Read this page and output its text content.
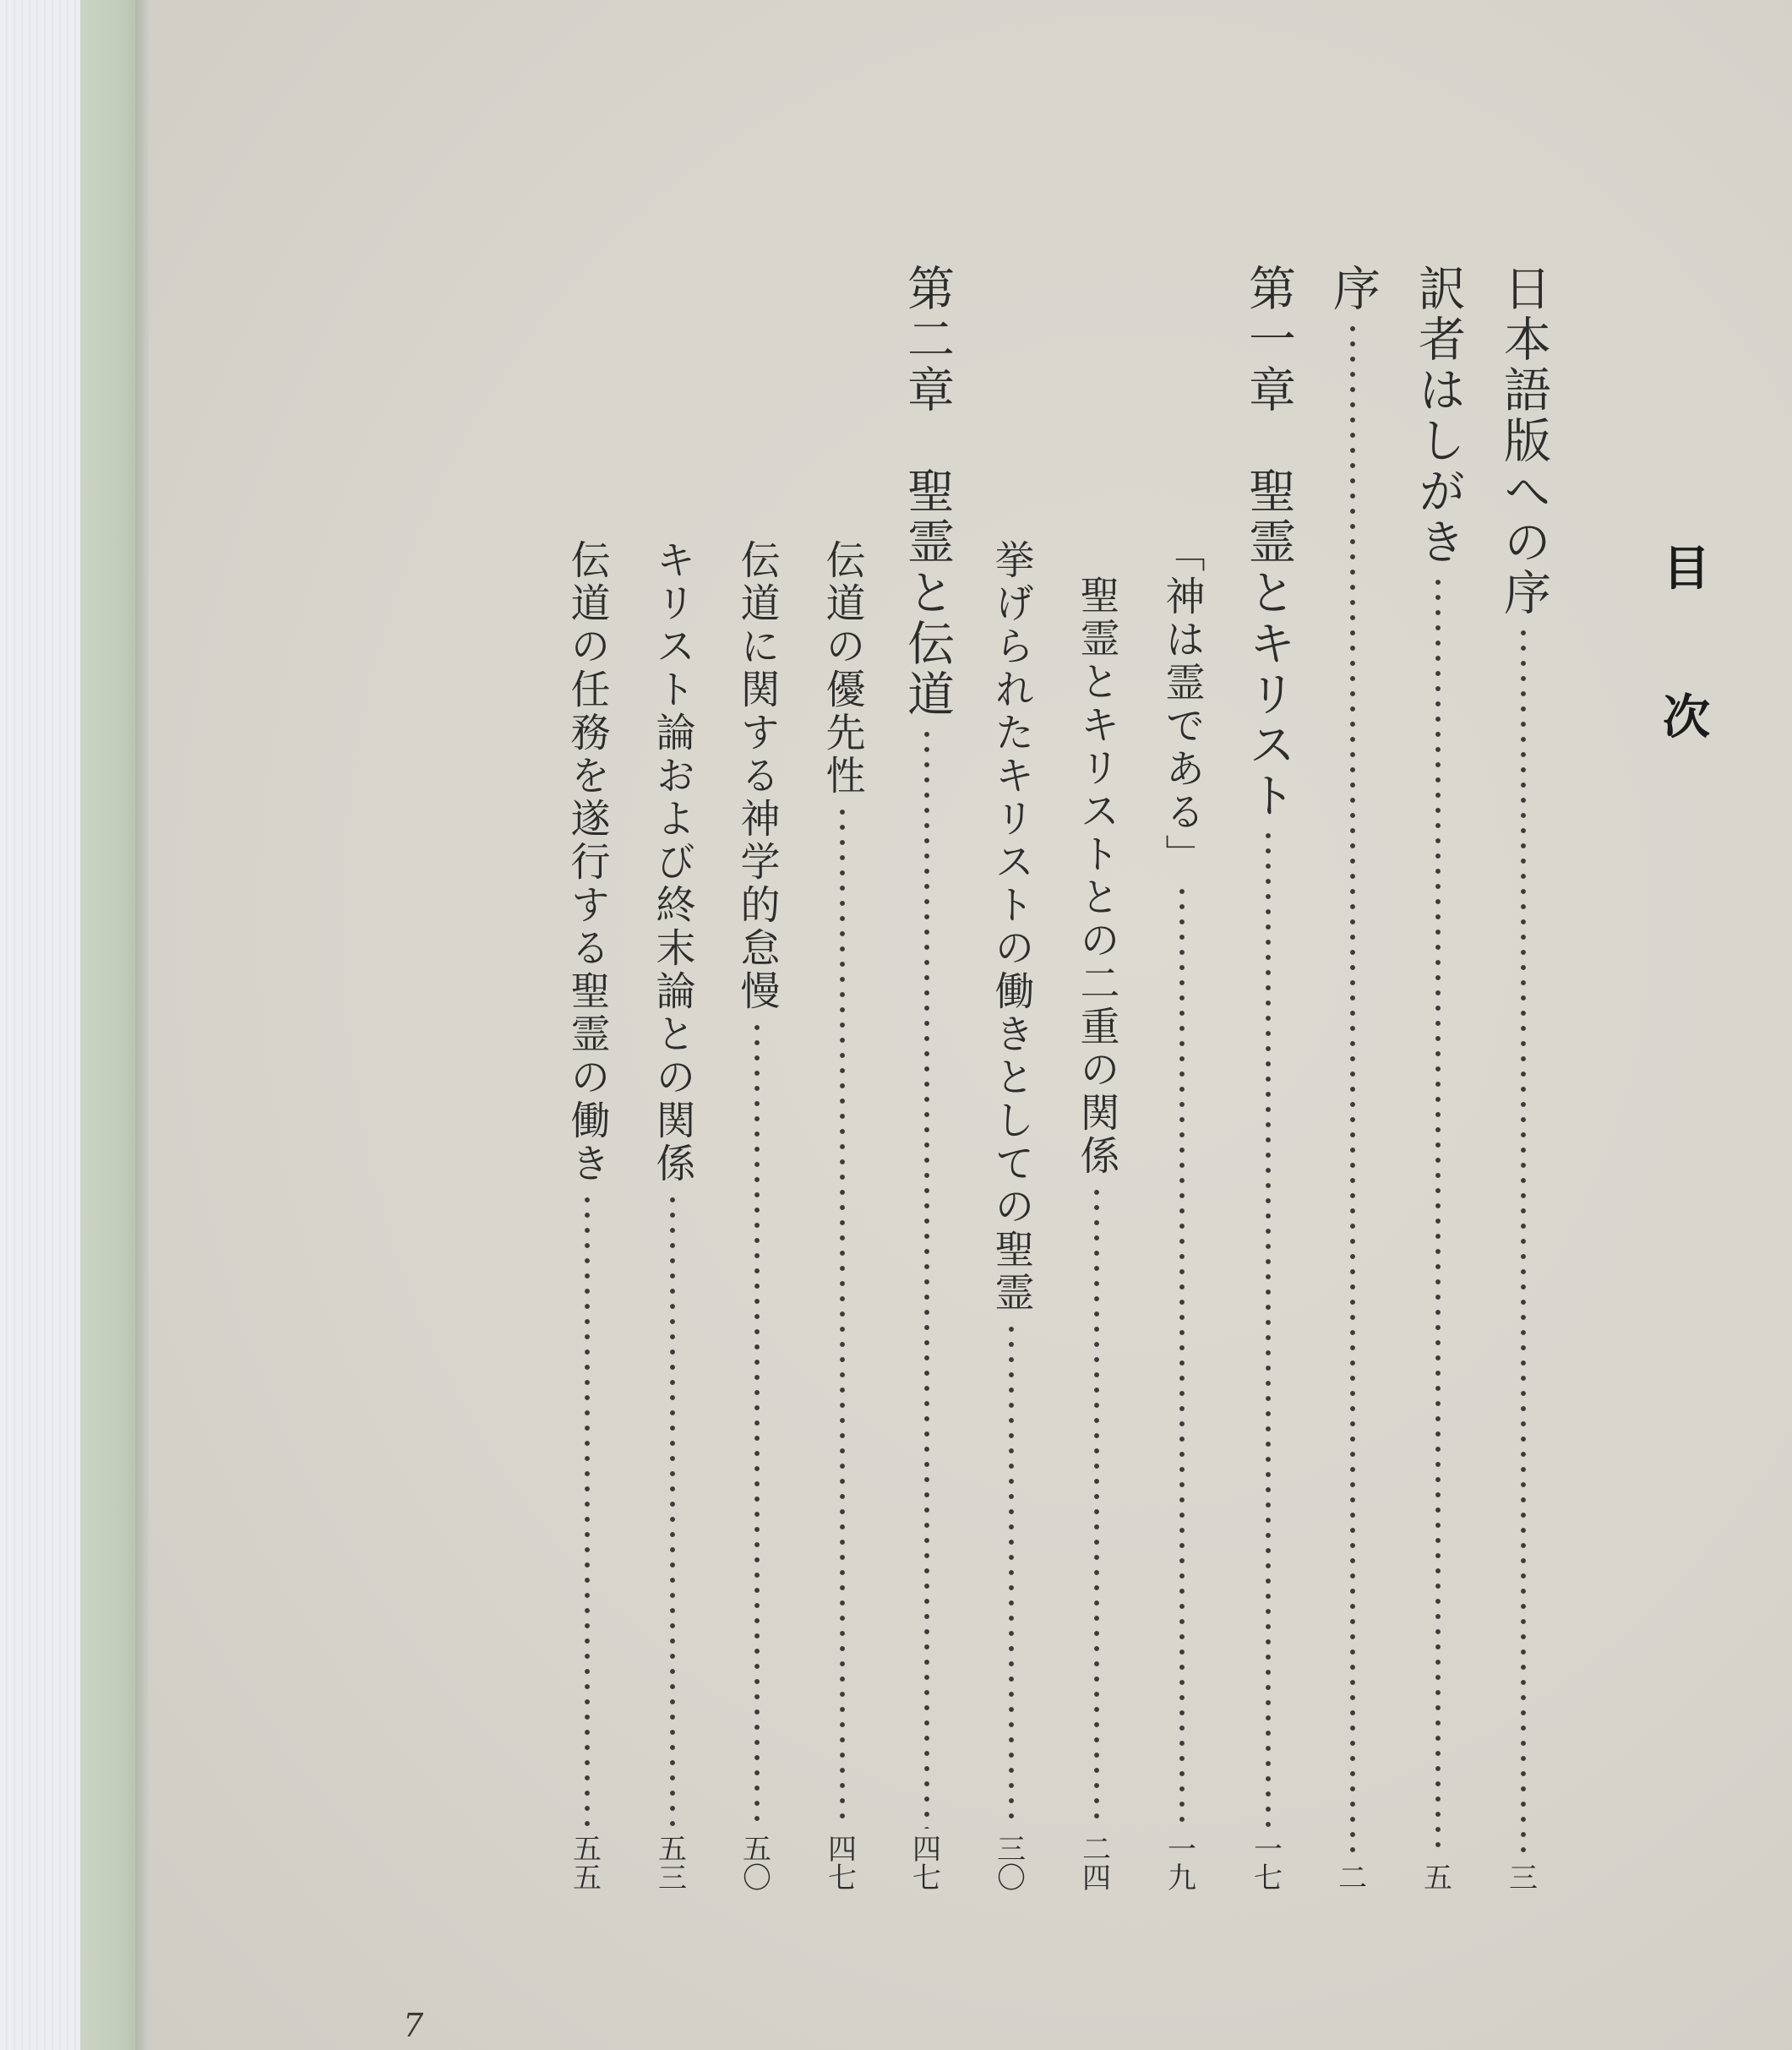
目
次
日本語版への序
三
訳者はしがき
五
序
二
第一章　聖霊とキリスト
一七
「神は霊である」
一九
聖霊とキリストとの二重の関係
二四
挙げられたキリストの働きとしての聖霊
三〇
第二章　聖霊と伝道
四七
伝道の優先性
四七
伝道に関する神学的怠慢
五〇
キリスト論および終末論との関係
五三
伝道の任務を遂行する聖霊の働き
五五
7
